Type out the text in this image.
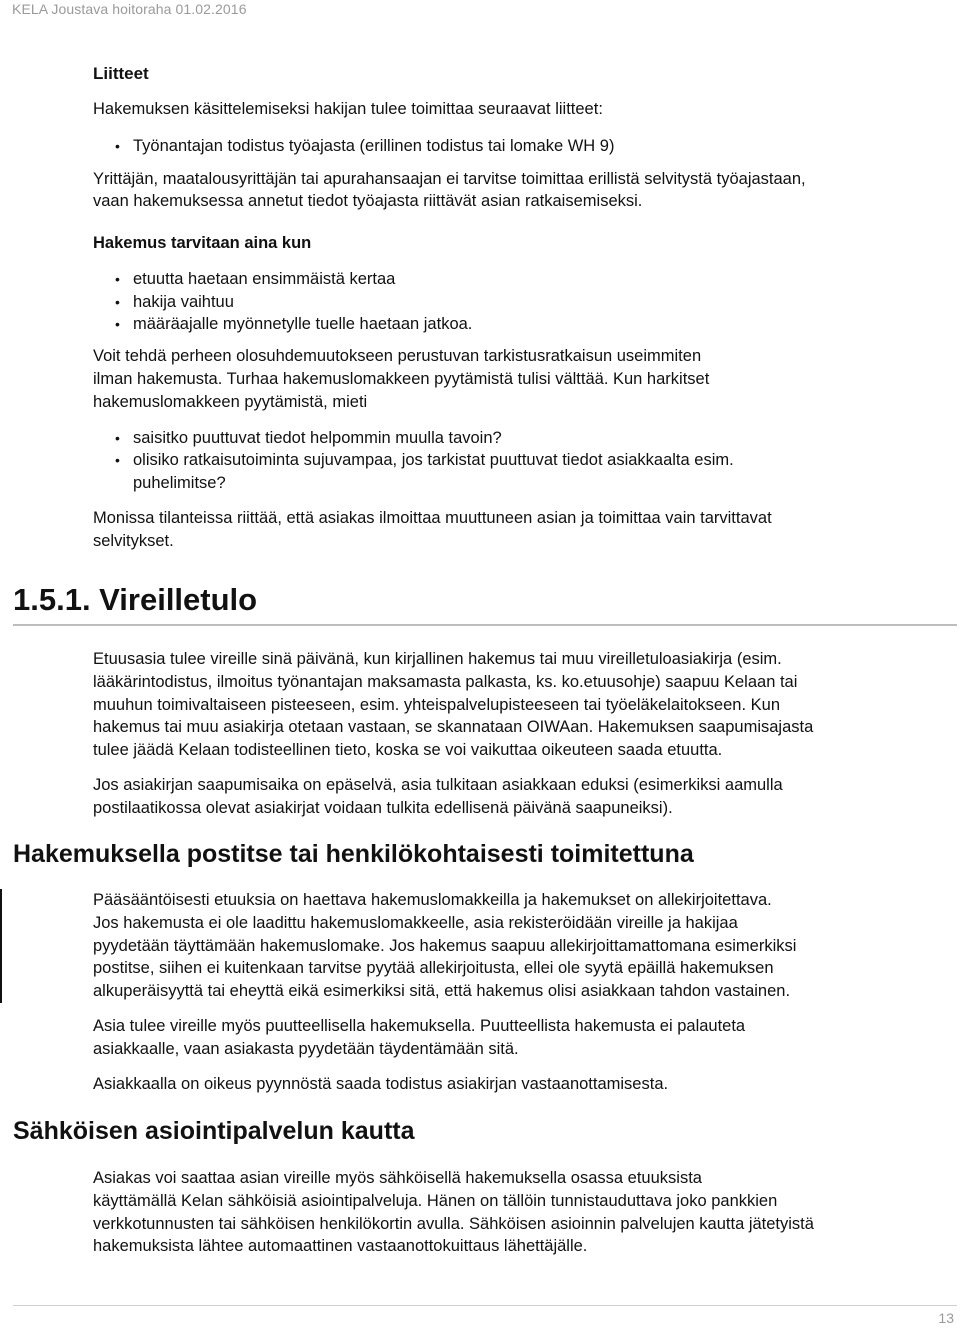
KELA Joustava hoitoraha 01.02.2016
Liitteet

Hakemuksen käsittelemiseksi hakijan tulee toimittaa seuraavat liitteet:

• Työnantajan todistus työajasta (erillinen todistus tai lomake WH 9)

Yrittäjän, maatalousyrittäjän tai apurahansaajan ei tarvitse toimittaa erillistä selvitystä työajastaan,

vaan hakemuksessa annetut tiedot työajasta riittävät asian ratkaisemiseksi.

Hakemus tarvitaan aina kun
• etuutta haetaan ensimmäistä kertaa
• hakija vaihtuu
• määräajalle myönnetylle tuelle haetaan jatkoa.

Voit tehdä perheen olosuhdemuutokseen perustuvan tarkistusratkaisun useimmiten

ilman hakemusta. Turhaa hakemuslomakkeen pyytämistä tulisi välttää. Kun harkitset

hakemuslomakkeen pyytämistä, mieti

• saisitko puuttuvat tiedot helpommin muulla tavoin?
• olisiko ratkaisutoiminta sujuvampaa, jos tarkistat puuttuvat tiedot asiakkaalta esim.
puhelimitse?

Monissa tilanteissa riittää, että asiakas ilmoittaa muuttuneen asian ja toimittaa vain tarvittavat

selvitykset.

1.5.1. Vireilletulo

Etuusasia tulee vireille sinä päivänä, kun kirjallinen hakemus tai muu vireilletuloasiakirja (esim.

lääkärintodistus, ilmoitus työnantajan maksamasta palkasta, ks. ko.etuusohje) saapuu Kelaan tai

muuhun toimivaltaiseen pisteeseen, esim. yhteispalvelupisteeseen tai työeläkelaitokseen. Kun

hakemus tai muu asiakirja otetaan vastaan, se skannataan OIWAan. Hakemuksen saapumisajasta

tulee jäädä Kelaan todisteellinen tieto, koska se voi vaikuttaa oikeuteen saada etuutta.

Jos asiakirjan saapumisaika on epäselvä, asia tulkitaan asiakkaan eduksi (esimerkiksi aamulla

postilaatikossa olevat asiakirjat voidaan tulkita edellisenä päivänä saapuneiksi).

Hakemuksella postitse tai henkilökohtaisesti toimitettuna

Pääsääntöisesti etuuksia on haettava hakemuslomakkeilla ja hakemukset on allekirjoitettava.

Jos hakemusta ei ole laadittu hakemuslomakkeelle, asia rekisteröidään vireille ja hakijaa

pyydetään täyttämään hakemuslomake. Jos hakemus saapuu allekirjoittamattomana esimerkiksi

postitse, siihen ei kuitenkaan tarvitse pyytää allekirjoitusta, ellei ole syytä epäillä hakemuksen

alkuperäisyyttä tai eheyttä eikä esimerkiksi sitä, että hakemus olisi asiakkaan tahdon vastainen.

Asia tulee vireille myös puutteellisella hakemuksella. Puutteellista hakemusta ei palauteta

asiakkaalle, vaan asiakasta pyydetään täydentämään sitä.

Asiakkaalla on oikeus pyynnöstä saada todistus asiakirjan vastaanottamisesta.

Sähköisen asiointipalvelun kautta

Asiakas voi saattaa asian vireille myös sähköisellä hakemuksella osassa etuuksista

käyttämällä Kelan sähköisiä asiointipalveluja. Hänen on tällöin tunnistauduttava joko pankkien

verkkotunnusten tai sähköisen henkilökortin avulla. Sähköisen asioinnin palvelujen kautta jätetyistä

hakemuksista lähtee automaattinen vastaanottokuittaus lähettäjälle.

13
